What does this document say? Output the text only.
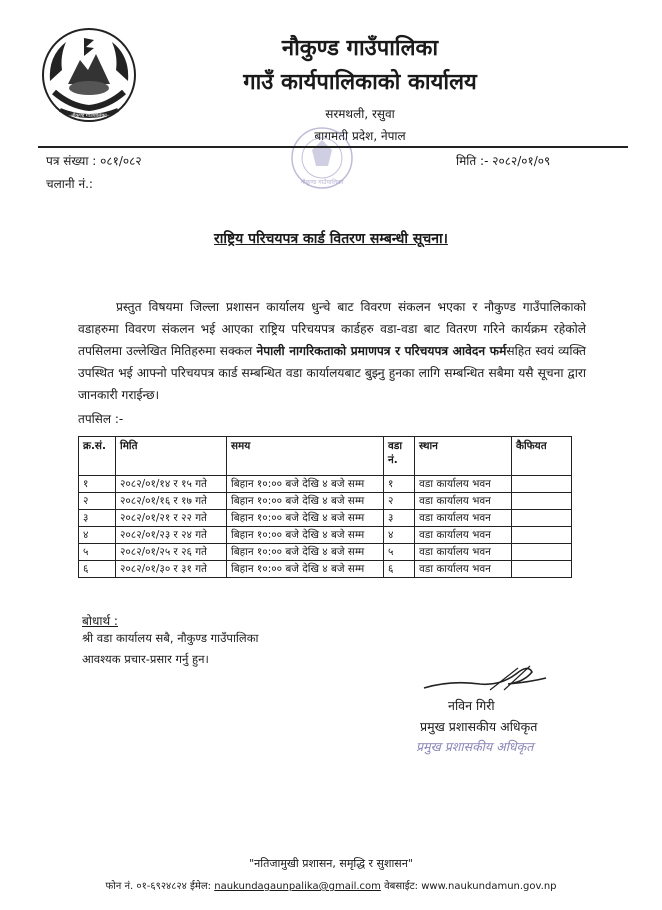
नौकुण्ड गाउँपालिका
नौकुण्ड गाउँपालिका
गाउँ कार्यपालिकाको कार्यालय
सरमथली, रसुवा
बागमती प्रदेश, नेपाल
नौकुण्ड गाउँपालिका
पत्र संख्या : ०८१/०८२
चलानी नं.:
मिति :- २०८२/०१/०९
राष्ट्रिय परिचयपत्र कार्ड वितरण सम्बन्धी सूचना।
प्रस्तुत विषयमा जिल्ला प्रशासन कार्यालय धुन्चे बाट विवरण संकलन भएका र नौकुण्ड गाउँपालिकाको वडाहरुमा विवरण संकलन भई आएका राष्ट्रिय परिचयपत्र कार्डहरु वडा-वडा बाट वितरण गरिने कार्यक्रम रहेकोले तपसिलमा उल्लेखित मितिहरुमा सक्कल नेपाली नागरिकताको प्रमाणपत्र र परिचयपत्र आवेदन फर्मसहित स्वयं व्यक्ति उपस्थित भई आफ्नो परिचयपत्र कार्ड सम्बन्धित वडा कार्यालयबाट बुझ्नु हुनका लागि सम्बन्धित सबैमा यसै सूचना द्वारा जानकारी गराईन्छ।
तपसिल :-
क्र.सं.	मिति	समय	वडा नं.	स्थान	कैफियत
१	२०८२/०१/१४ र १५ गते	बिहान १०:०० बजे देखि ४ बजे सम्म	१	वडा कार्यालय भवन	
२	२०८२/०१/१६ र १७ गते	बिहान १०:०० बजे देखि ४ बजे सम्म	२	वडा कार्यालय भवन	
३	२०८२/०१/२१ र २२ गते	बिहान १०:०० बजे देखि ४ बजे सम्म	३	वडा कार्यालय भवन	
४	२०८२/०१/२३ र २४ गते	बिहान १०:०० बजे देखि ४ बजे सम्म	४	वडा कार्यालय भवन	
५	२०८२/०१/२५ र २६ गते	बिहान १०:०० बजे देखि ४ बजे सम्म	५	वडा कार्यालय भवन	
६	२०८२/०१/३० र ३१ गते	बिहान १०:०० बजे देखि ४ बजे सम्म	६	वडा कार्यालय भवन	
बोधार्थ :
श्री वडा कार्यालय सबै, नौकुण्ड गाउँपालिका
आवश्यक प्रचार-प्रसार गर्नु हुन।
नविन गिरी
प्रमुख प्रशासकीय अधिकृत
प्रमुख प्रशासकीय अधिकृत
"नतिजामुखी प्रशासन, समृद्धि र सुशासन"
फोन नं. ०१-६९२४८२४ ईमेल: naukundagaunpalika@gmail.com वेबसाईट: www.naukundamun.gov.np
